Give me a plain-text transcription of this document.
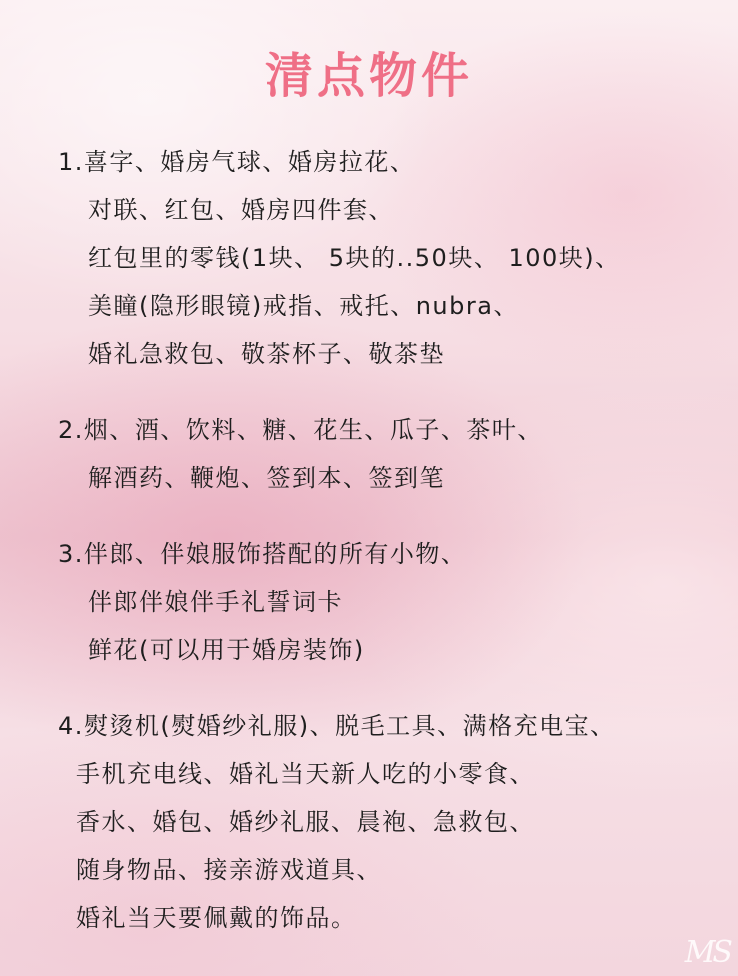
清点物件
1.喜字、婚房气球、婚房拉花、
对联、红包、婚房四件套、
红包里的零钱(1块、 5块的..50块、 100块)、
美瞳(隐形眼镜)戒指、戒托、nubra、
婚礼急救包、敬茶杯子、敬茶垫
2.烟、酒、饮料、糖、花生、瓜子、茶叶、
解酒药、鞭炮、签到本、签到笔
3.伴郎、伴娘服饰搭配的所有小物、
伴郎伴娘伴手礼誓词卡
鲜花(可以用于婚房装饰)
4.熨烫机(熨婚纱礼服)、脱毛工具、满格充电宝、
手机充电线、婚礼当天新人吃的小零食、
香水、婚包、婚纱礼服、晨袍、急救包、
随身物品、接亲游戏道具、
婚礼当天要佩戴的饰品。
MS
